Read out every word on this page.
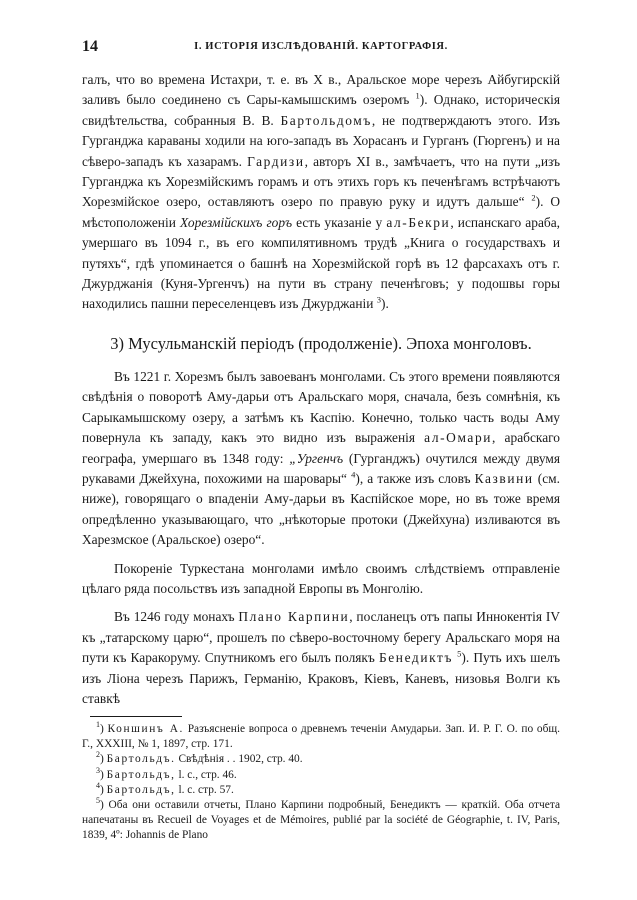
14	I. ИСТОРІЯ ИЗСЛѢДОВАНІЙ. КАРТОГРАФІЯ.

галъ, что во времена Истахри, т. е. въ X в., Аральское море черезъ Айбугирскій заливъ было соединено съ Сары-камышскимъ озеромъ $^1$). Однако, историческія свидѣтельства, собранныя В. В. Бартольдомъ, не подтверждаютъ этого. Изъ Гурганджа караваны ходили на юго-западъ въ Хорасанъ и Гурганъ (Гюргенъ) и на сѣверо-западъ къ хазарамъ. Гардизи, авторъ XI в., замѣчаетъ, что на пути „изъ Гурганджа къ Хорезмійскимъ горамъ и отъ этихъ горъ къ печенѣгамъ встрѣчаютъ Хорезмійское озеро, оставляютъ озеро по правую руку и идутъ дальше“ $^2$). О мѣстоположеніи Хорезмійскихъ горъ есть указаніе у ал-Бекри, испанскаго араба, умершаго въ 1094 г., въ его компилятивномъ трудѣ „Книга о государствахъ и путяхъ“, гдѣ упоминается о башнѣ на Хорезмійской горѣ въ 12 фарсахахъ отъ г. Джурджанія (Куня-Ургенчъ) на пути въ страну печенѣговъ; у подошвы горы находились пашни переселенцевъ изъ Джурджаніи $^3$).

3) Мусульманскій періодъ (продолженіе). Эпоха монголовъ.

Въ 1221 г. Хорезмъ былъ завоеванъ монголами. Съ этого времени появляются свѣдѣнія о поворотѣ Аму-дарьи отъ Аральскаго моря, сначала, безъ сомнѣнія, къ Сарыкамышскому озеру, а затѣмъ къ Каспію. Конечно, только часть воды Аму повернула къ западу, какъ это видно изъ выраженія ал-Омари, арабскаго географа, умершаго въ 1348 году: „Ургенчъ (Гурганджъ) очутился между двумя рукавами Джейхуна, похожими на шаровары“ $^4$), а также изъ словъ Казвини (см. ниже), говорящаго о впаденіи Аму-дарьи въ Каспійское море, но въ тоже время опредѣленно указывающаго, что „нѣкоторые протоки (Джейхуна) изливаются въ Харезмское (Аральское) озеро“.

Покореніе Туркестана монголами имѣло своимъ слѣдствіемъ отправленіе цѣлаго ряда посольствъ изъ западной Европы въ Монголію.

Въ 1246 году монахъ Плано Карпини, посланецъ отъ папы Иннокентія IV къ „татарскому царю“, прошелъ по сѣверо-восточному берегу Аральскаго моря на пути къ Каракоруму. Спутникомъ его былъ полякъ Бенедиктъ $^5$). Путь ихъ шелъ изъ Ліона черезъ Парижъ, Германію, Краковъ, Кіевъ, Каневъ, низовья Волги къ ставкѣ

$^1$) Коншинъ А. Разъясненіе вопроса о древнемъ теченіи Амударьи. Зап. И. Р. Г. О. по общ. Г., XXXIII, № 1, 1897, стр. 171.

$^2$) Бартольдъ. Свѣдѣнія . . 1902, стр. 40.

$^3$) Бартольдъ, l. c., стр. 46.

$^4$) Бартольдъ, l. c. стр. 57.

$^5$) Оба они оставили отчеты, Плано Карпини подробный, Бенедиктъ — краткій. Оба отчета напечатаны въ Recueil de Voyages et de Mémoires, publié par la société de Géographie, t. IV, Paris, 1839, 4º: Johannis de Plano
